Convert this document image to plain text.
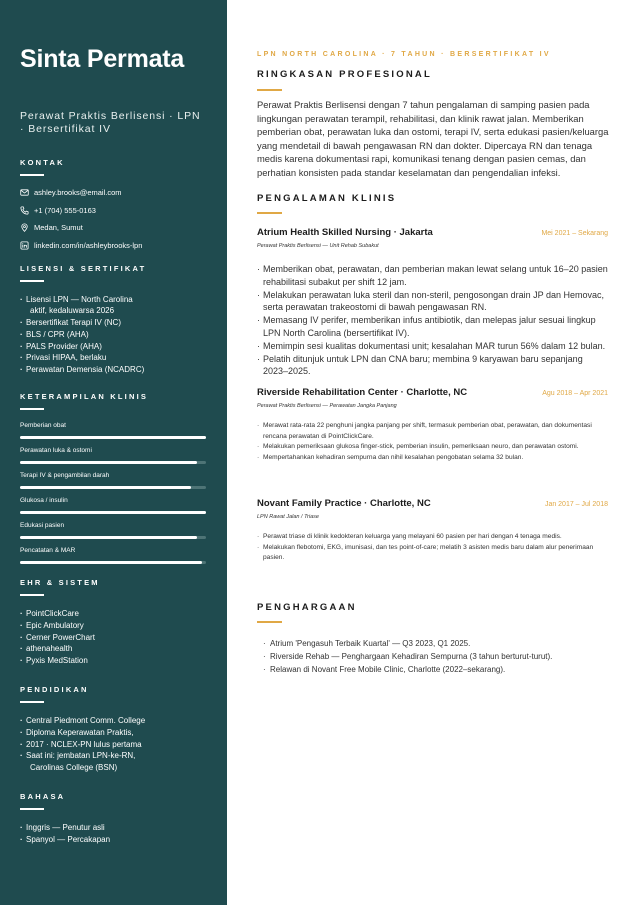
Sinta Permata
Perawat Praktis Berlisensi · LPN · Bersertifikat IV
KONTAK
ashley.brooks@email.com
+1 (704) 555-0163
Medan, Sumut
linkedin.com/in/ashleybrooks-lpn
LISENSI & SERTIFIKAT
· Lisensi LPN — North Carolina
aktif, kedaluwarsa 2026
· Bersertifikat Terapi IV (NC)
· BLS / CPR (AHA)
· PALS Provider (AHA)
· Privasi HIPAA, berlaku
· Perawatan Demensia (NCADRC)
KETERAMPILAN KLINIS
Pemberian obat
Perawatan luka & ostomi
Terapi IV & pengambilan darah
Glukosa / insulin
Edukasi pasien
Pencatatan & MAR
EHR & SISTEM
· PointClickCare
· Epic Ambulatory
· Cerner PowerChart
· athenahealth
· Pyxis MedStation
PENDIDIKAN
· Central Piedmont Comm. College
· Diploma Keperawatan Praktis,
· 2017 · NCLEX-PN lulus pertama
· Saat ini: jembatan LPN-ke-RN,
Carolinas College (BSN)
BAHASA
· Inggris — Penutur asli
· Spanyol — Percakapan
LPN NORTH CAROLINA · 7 TAHUN · BERSERTIFIKAT IV
RINGKASAN PROFESIONAL

Perawat Praktis Berlisensi dengan 7 tahun pengalaman di samping pasien pada lingkungan perawatan terampil, rehabilitasi, dan klinik rawat jalan. Memberikan pemberian obat, perawatan luka dan ostomi, terapi IV, serta edukasi pasien/keluarga yang mendetail di bawah pengawasan RN dan dokter. Dipercaya RN dan tenaga medis karena dokumentasi rapi, komunikasi tenang dengan pasien cemas, dan perhatian konsisten pada standar keselamatan dan pengendalian infeksi.

PENGALAMAN KLINIS
Atrium Health Skilled Nursing · Jakarta	Mei 2021 – Sekarang
Perawat Praktis Berlisensi — Unit Rehab Subakut
· Memberikan obat, perawatan, dan pemberian makan lewat selang untuk 16–20 pasien rehabilitasi subakut per shift 12 jam.
· Melakukan perawatan luka steril dan non-steril, pengosongan drain JP dan Hemovac, serta perawatan trakeostomi di bawah pengawasan RN.
· Memasang IV perifer, memberikan infus antibiotik, dan melepas jalur sesuai lingkup LPN North Carolina (bersertifikat IV).
· Memimpin sesi kualitas dokumentasi unit; kesalahan MAR turun 56% dalam 12 bulan.
· Pelatih ditunjuk untuk LPN dan CNA baru; membina 9 karyawan baru sepanjang 2023–2025.
Riverside Rehabilitation Center · Charlotte, NC	Agu 2018 – Apr 2021
Perawat Praktis Berlisensi — Perawatan Jangka Panjang
· Merawat rata-rata 22 penghuni jangka panjang per shift, termasuk pemberian obat, perawatan, dan dokumentasi rencana perawatan di PointClickCare.
· Melakukan pemeriksaan glukosa finger-stick, pemberian insulin, pemeriksaan neuro, dan perawatan ostomi.
· Mempertahankan kehadiran sempurna dan nihil kesalahan pengobatan selama 32 bulan.
Novant Family Practice · Charlotte, NC	Jan 2017 – Jul 2018
LPN Rawat Jalan / Triase
· Perawat triase di klinik kedokteran keluarga yang melayani 60 pasien per hari dengan 4 tenaga medis.
· Melakukan flebotomi, EKG, imunisasi, dan tes point-of-care; melatih 3 asisten medis baru dalam alur penerimaan pasien.
PENGHARGAAN
· Atrium 'Pengasuh Terbaik Kuartal' — Q3 2023, Q1 2025.
· Riverside Rehab — Penghargaan Kehadiran Sempurna (3 tahun berturut-turut).
· Relawan di Novant Free Mobile Clinic, Charlotte (2022–sekarang).
